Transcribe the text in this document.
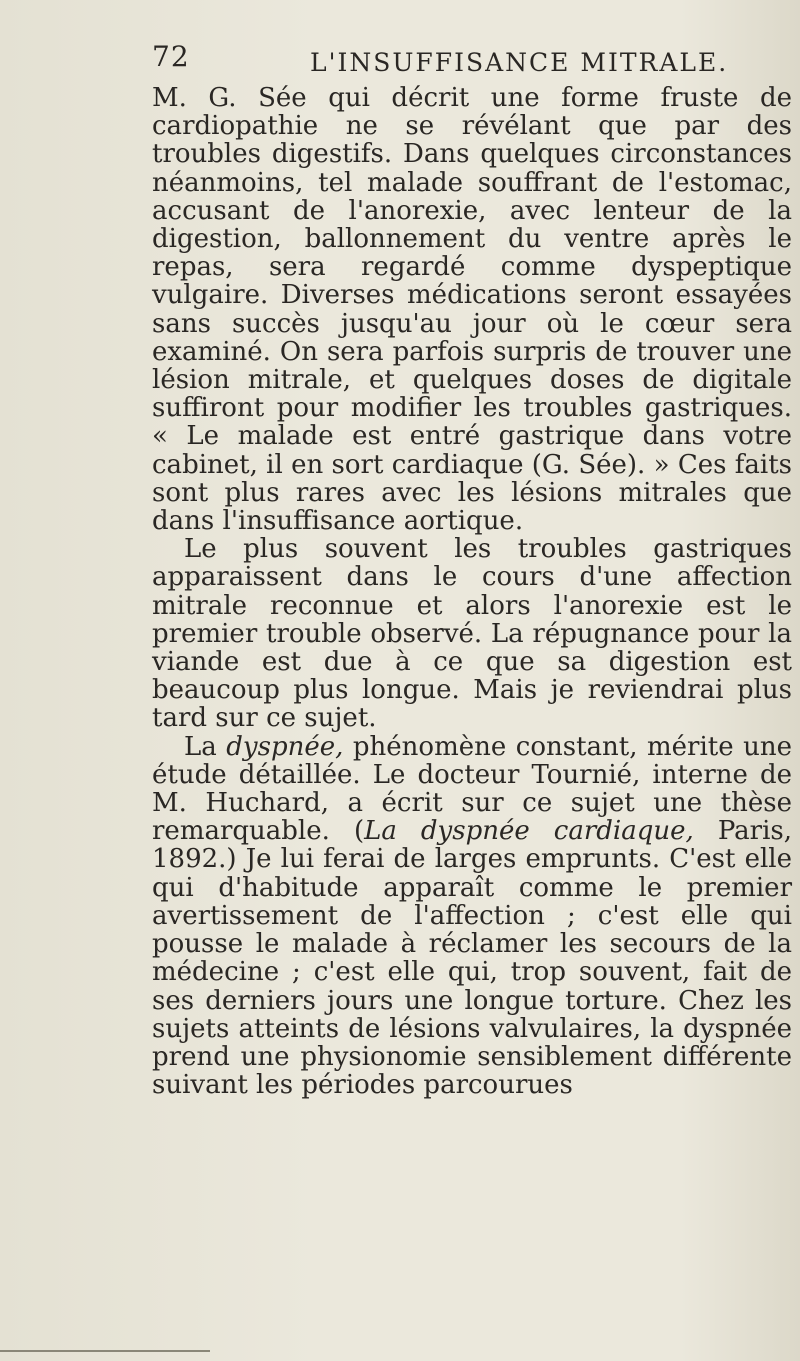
72	L'INSUFFISANCE MITRALE.

M. G. Sée qui décrit une forme fruste de cardiopathie ne se révélant que par des troubles digestifs. Dans quelques circonstances néanmoins, tel malade souffrant de l'estomac, accusant de l'anorexie, avec lenteur de la digestion, ballonnement du ventre après le repas, sera regardé comme dyspeptique vulgaire. Diverses médications seront essayées sans succès jusqu'au jour où le cœur sera examiné. On sera parfois surpris de trouver une lésion mitrale, et quelques doses de digitale suffiront pour modifier les troubles gastriques. « Le malade est entré gastrique dans votre cabinet, il en sort cardiaque (G. Sée). » Ces faits sont plus rares avec les lésions mitrales que dans l'insuffisance aortique.

Le plus souvent les troubles gastriques apparaissent dans le cours d'une affection mitrale reconnue et alors l'anorexie est le premier trouble observé. La répugnance pour la viande est due à ce que sa digestion est beaucoup plus longue. Mais je reviendrai plus tard sur ce sujet.

La dyspnée, phénomène constant, mérite une étude détaillée. Le docteur Tournié, interne de M. Huchard, a écrit sur ce sujet une thèse remarquable. (La dyspnée cardiaque, Paris, 1892.) Je lui ferai de larges emprunts. C'est elle qui d'habitude apparaît comme le premier avertissement de l'affection ; c'est elle qui pousse le malade à réclamer les secours de la médecine ; c'est elle qui, trop souvent, fait de ses derniers jours une longue torture. Chez les sujets atteints de lésions valvulaires, la dyspnée prend une physionomie sensiblement différente suivant les périodes parcourues
